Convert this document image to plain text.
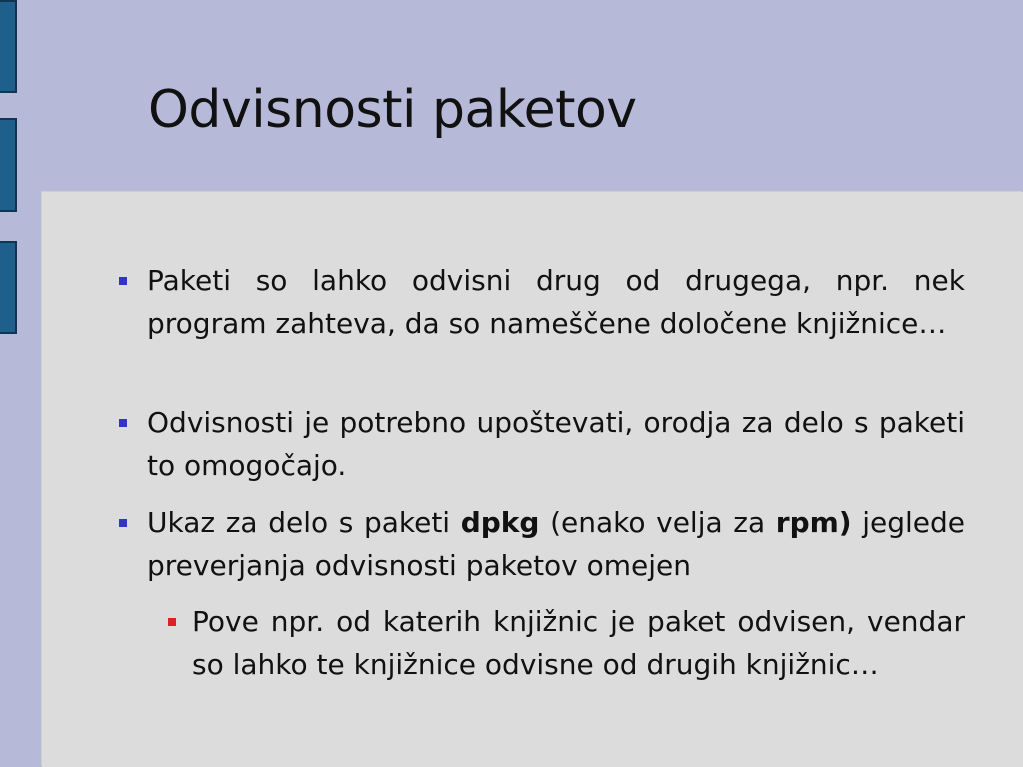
Odvisnosti paketov
Paketi so lahko odvisni drug od drugega, npr. nek program zahteva, da so nameščene določene knjižnice…
Odvisnosti je potrebno upoštevati, orodja za delo s paketi to omogočajo.
Ukaz za delo s paketi dpkg (enako velja za rpm) jeglede preverjanja odvisnosti paketov omejen
Pove npr. od katerih knjižnic je paket odvisen, vendar so lahko te knjižnice odvisne od drugih knjižnic…
